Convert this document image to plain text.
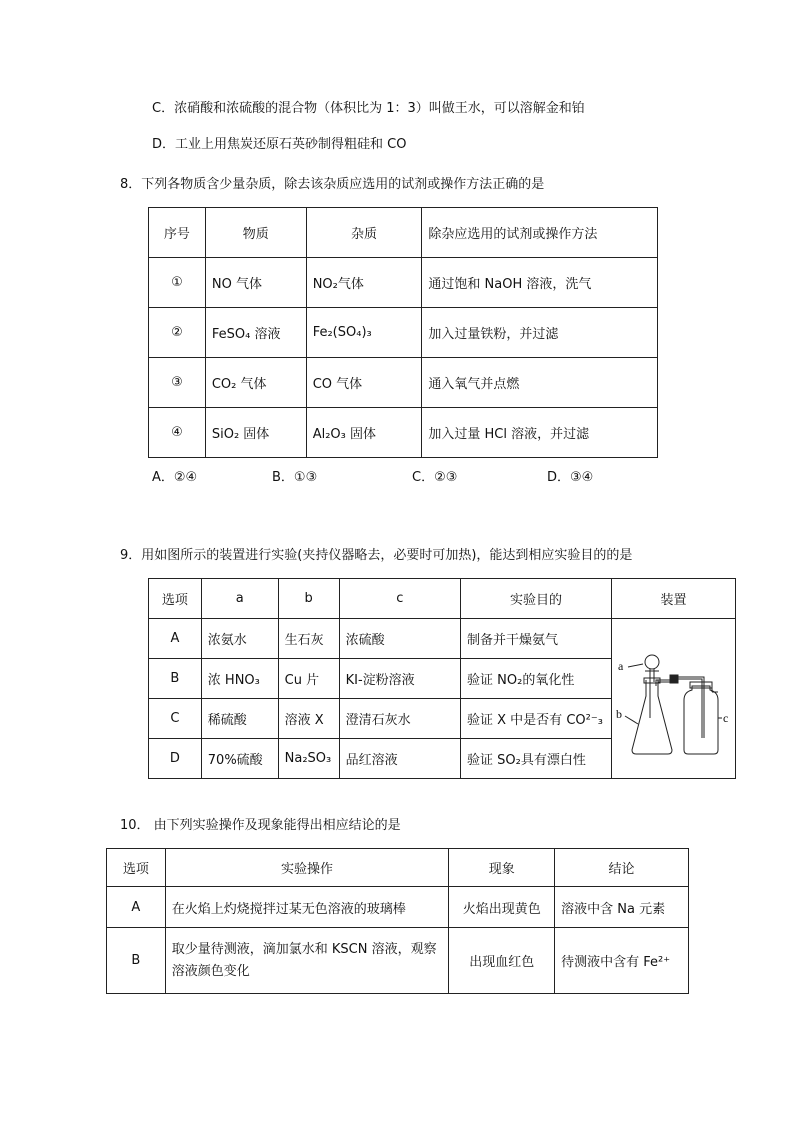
C．浓硝酸和浓硫酸的混合物（体积比为 1：3）叫做王水，可以溶解金和铂
D．工业上用焦炭还原石英砂制得粗硅和 CO
8．下列各物质含少量杂质，除去该杂质应选用的试剂或操作方法正确的是
序号	物质	杂质	除杂应选用的试剂或操作方法
①	NO 气体	NO₂气体	通过饱和 NaOH 溶液，洗气
②	FeSO₄ 溶液	Fe₂(SO₄)₃	加入过量铁粉，并过滤
③	CO₂ 气体	CO 气体	通入氧气并点燃
④	SiO₂ 固体	Al₂O₃ 固体	加入过量 HCl 溶液，并过滤
A．②④	B．①③	C．②③	D．③④
9．用如图所示的装置进行实验(夹持仪器略去，必要时可加热)，能达到相应实验目的的是
选项	a	b	c	实验目的	装置
A	浓氨水	生石灰	浓硫酸	制备并干燥氨气	a
b c

B	浓 HNO₃	Cu 片	KI-淀粉溶液	验证 NO₂的氧化性	
C	稀硫酸	溶液 X	澄清石灰水	验证 X 中是否有 CO²⁻₃	
D	70%硫酸	Na₂SO₃	品红溶液	验证 SO₂具有漂白性	
10． 由下列实验操作及现象能得出相应结论的是
选项	实验操作	现象	结论
A	在火焰上灼烧搅拌过某无色溶液的玻璃棒	火焰出现黄色	溶液中含 Na 元素
B	取少量待测液，滴加氯水和 KSCN 溶液，观察溶液颜色变化	出现血红色	待测液中含有 Fe²⁺
